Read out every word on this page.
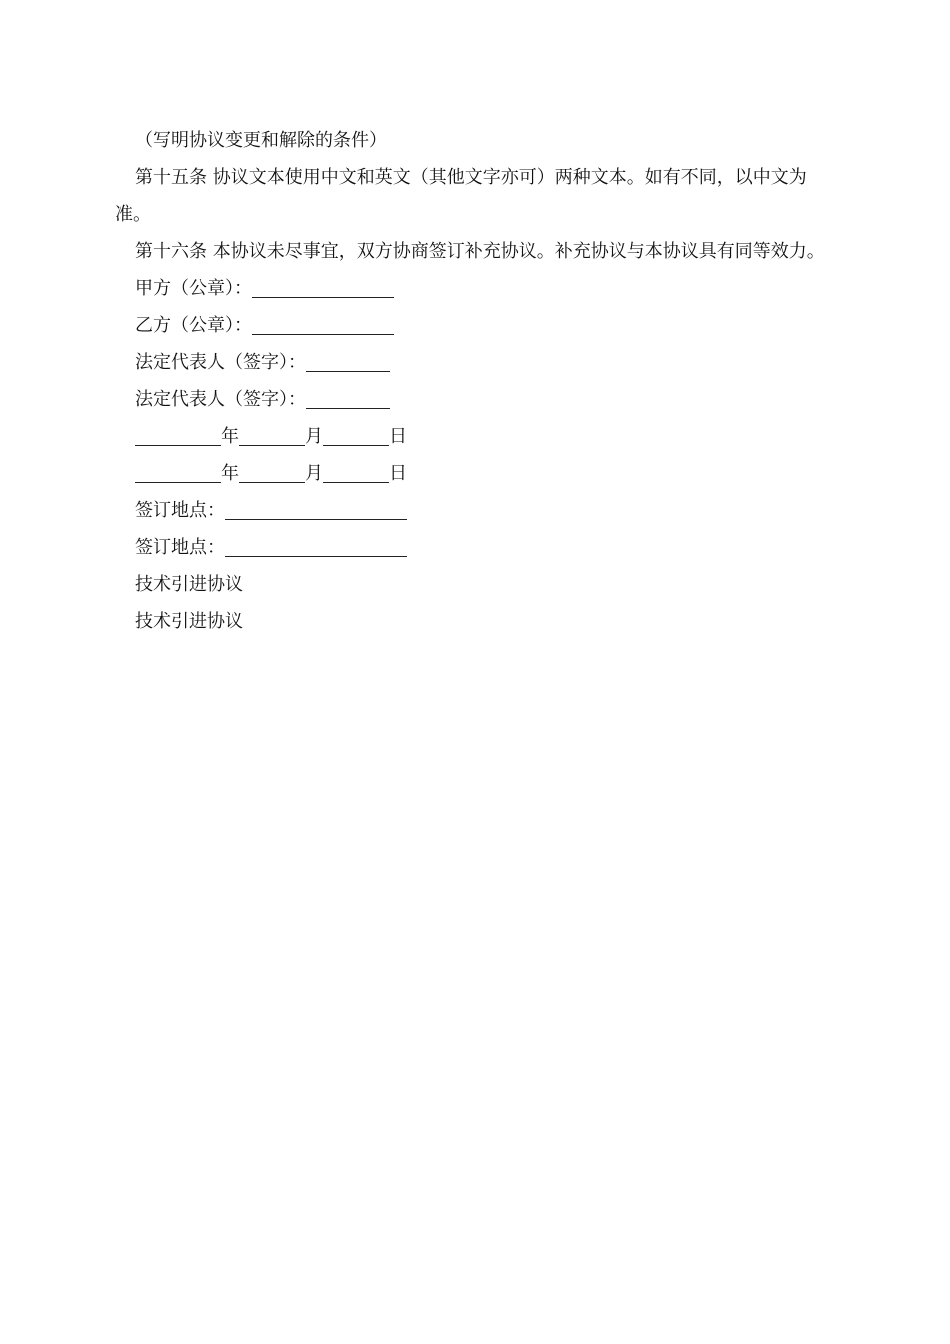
（写明协议变更和解除的条件）

第十五条 协议文本使用中文和英文（其他文字亦可）两种文本。如有不同，以中文为准。

第十六条 本协议未尽事宜，双方协商签订补充协议。补充协议与本协议具有同等效力。

甲方（公章）：

乙方（公章）：

法定代表人（签字）：

法定代表人（签字）：

年	月	日

年	月	日

签订地点：

签订地点：

技术引进协议

技术引进协议
